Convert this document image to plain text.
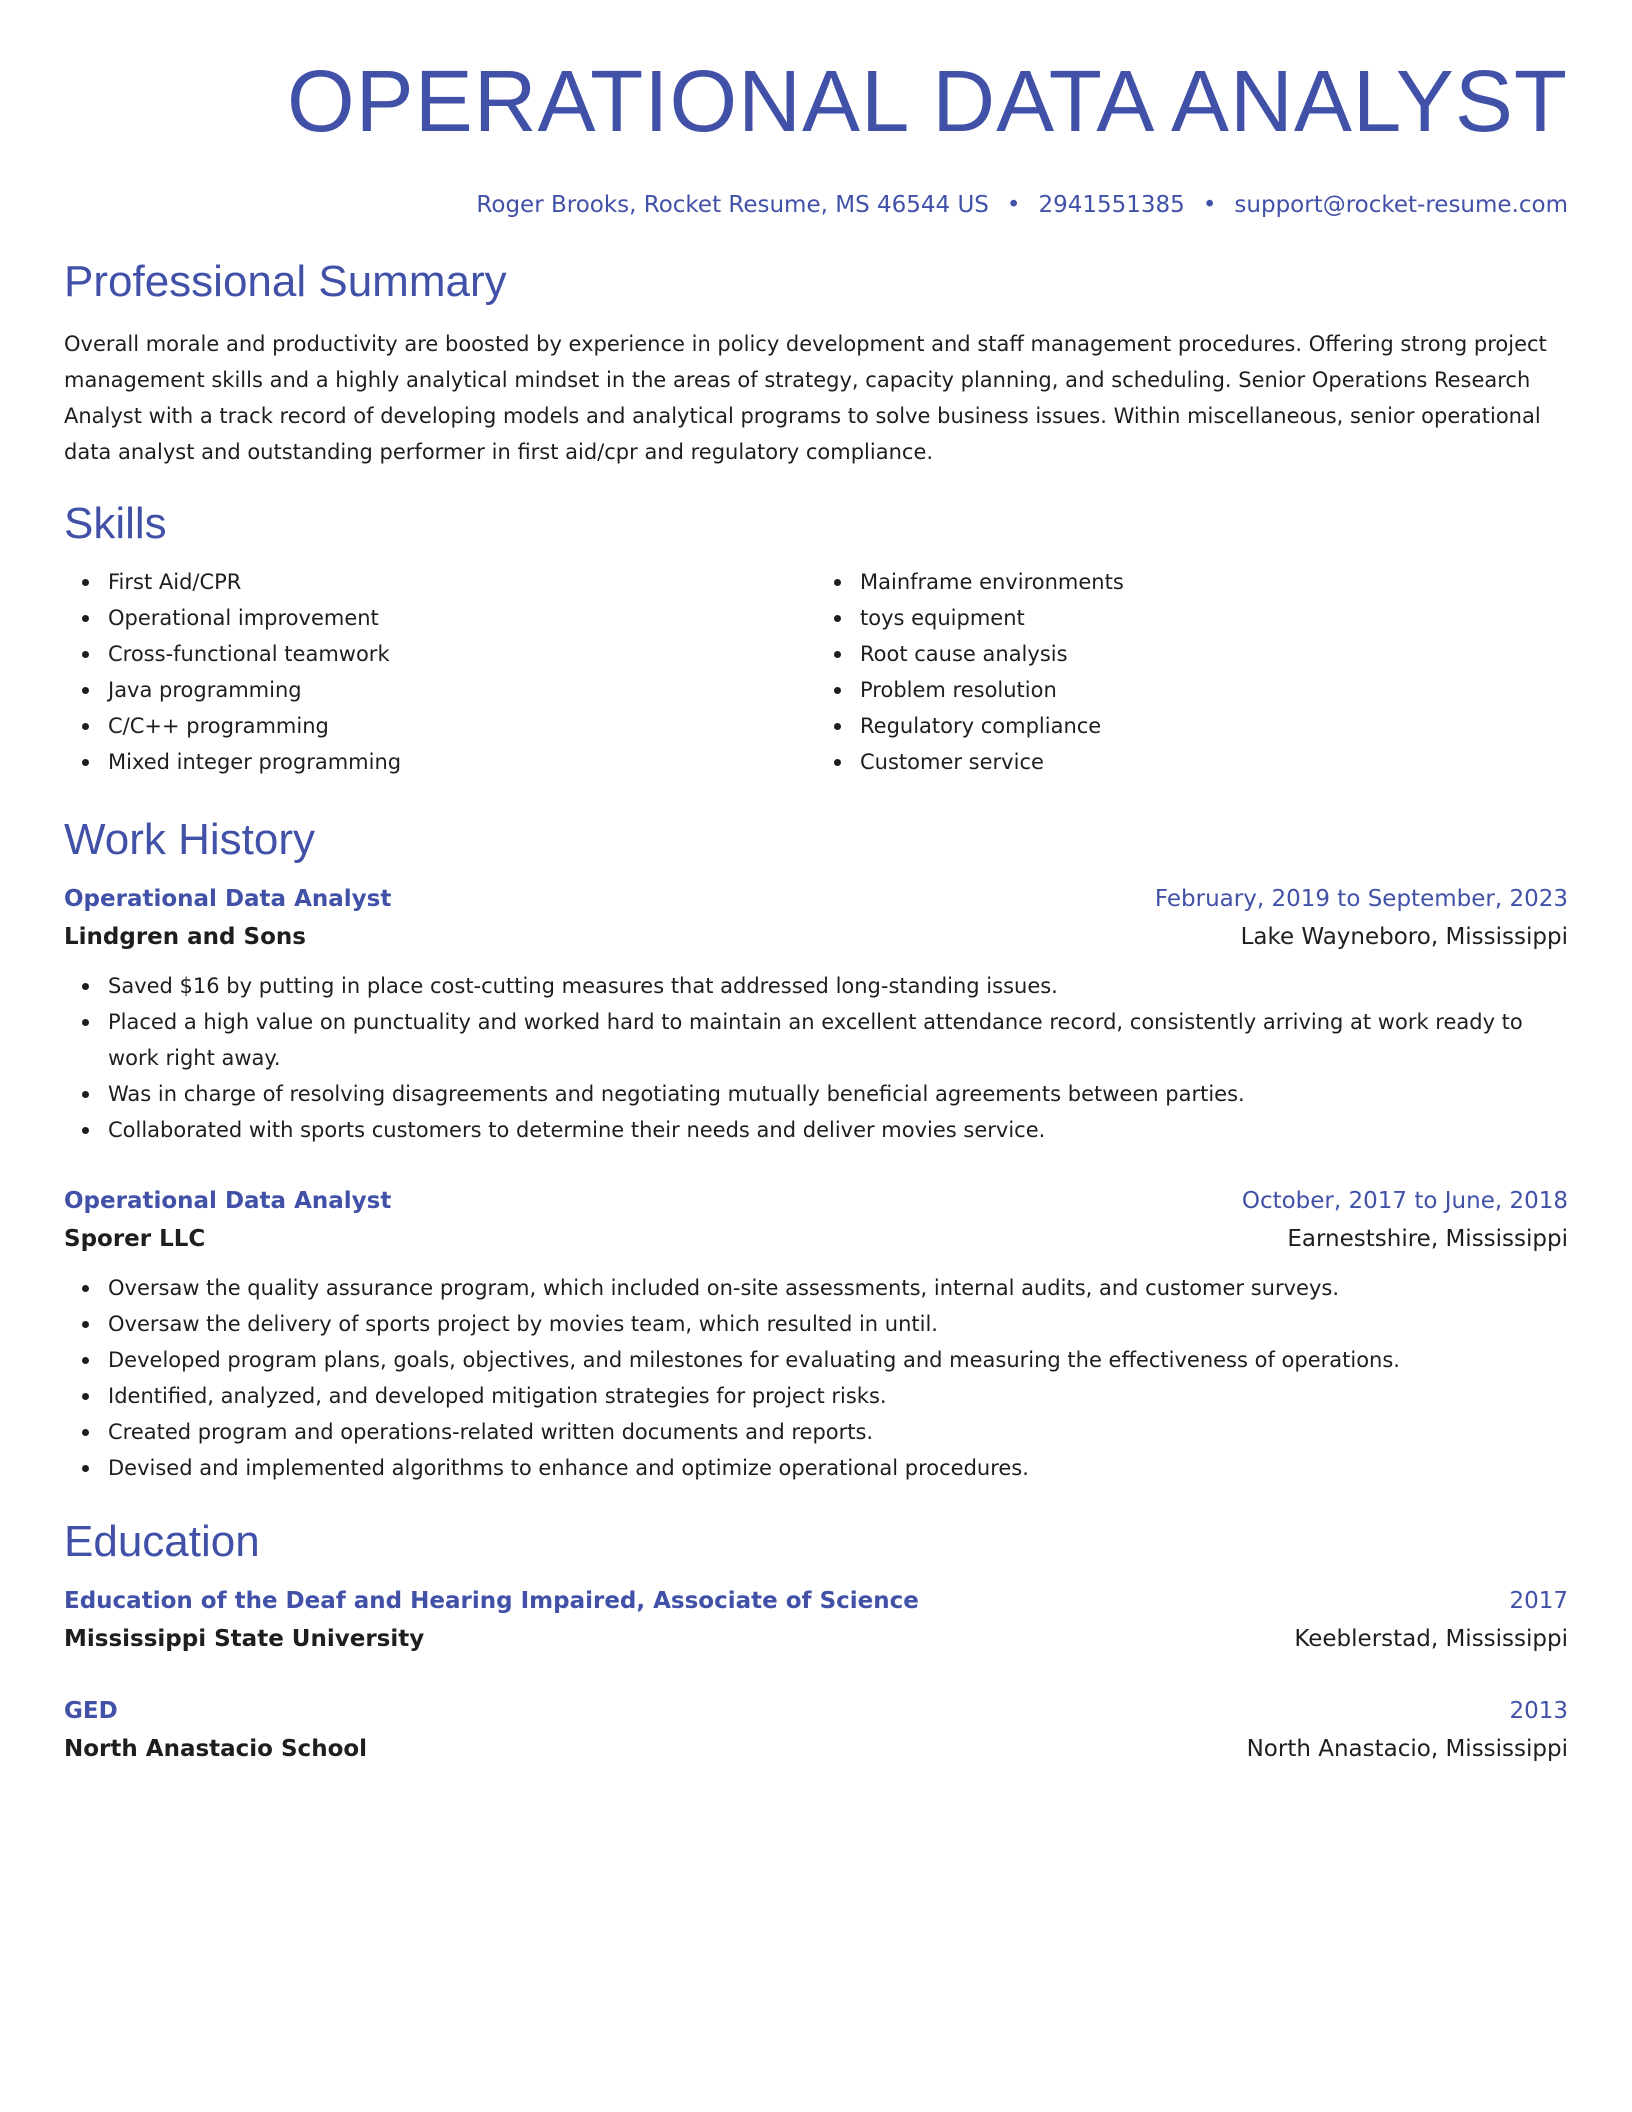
OPERATIONAL DATA ANALYST
Roger Brooks, Rocket Resume, MS 46544 US • 2941551385 • support@rocket-resume.com
Professional Summary

Overall morale and productivity are boosted by experience in policy development and staff management procedures. Offering strong project management skills and a highly analytical mindset in the areas of strategy, capacity planning, and scheduling. Senior Operations Research Analyst with a track record of developing models and analytical programs to solve business issues. Within miscellaneous, senior operational data analyst and outstanding performer in first aid/cpr and regulatory compliance.

Skills
First Aid/CPR
Operational improvement
Cross-functional teamwork
Java programming
C/C++ programming
Mixed integer programming
Mainframe environments
toys equipment
Root cause analysis
Problem resolution
Regulatory compliance
Customer service
Work History
Operational Data Analyst	February, 2019 to September, 2023
Lindgren and Sons	Lake Wayneboro, Mississippi
Saved $16 by putting in place cost-cutting measures that addressed long-standing issues.
Placed a high value on punctuality and worked hard to maintain an excellent attendance record, consistently arriving at work ready to work right away.
Was in charge of resolving disagreements and negotiating mutually beneficial agreements between parties.
Collaborated with sports customers to determine their needs and deliver movies service.
Operational Data Analyst	October, 2017 to June, 2018
Sporer LLC	Earnestshire, Mississippi
Oversaw the quality assurance program, which included on-site assessments, internal audits, and customer surveys.
Oversaw the delivery of sports project by movies team, which resulted in until.
Developed program plans, goals, objectives, and milestones for evaluating and measuring the effectiveness of operations.
Identified, analyzed, and developed mitigation strategies for project risks.
Created program and operations-related written documents and reports.
Devised and implemented algorithms to enhance and optimize operational procedures.
Education
Education of the Deaf and Hearing Impaired, Associate of Science	2017
Mississippi State University	Keeblerstad, Mississippi
GED	2013
North Anastacio School	North Anastacio, Mississippi
